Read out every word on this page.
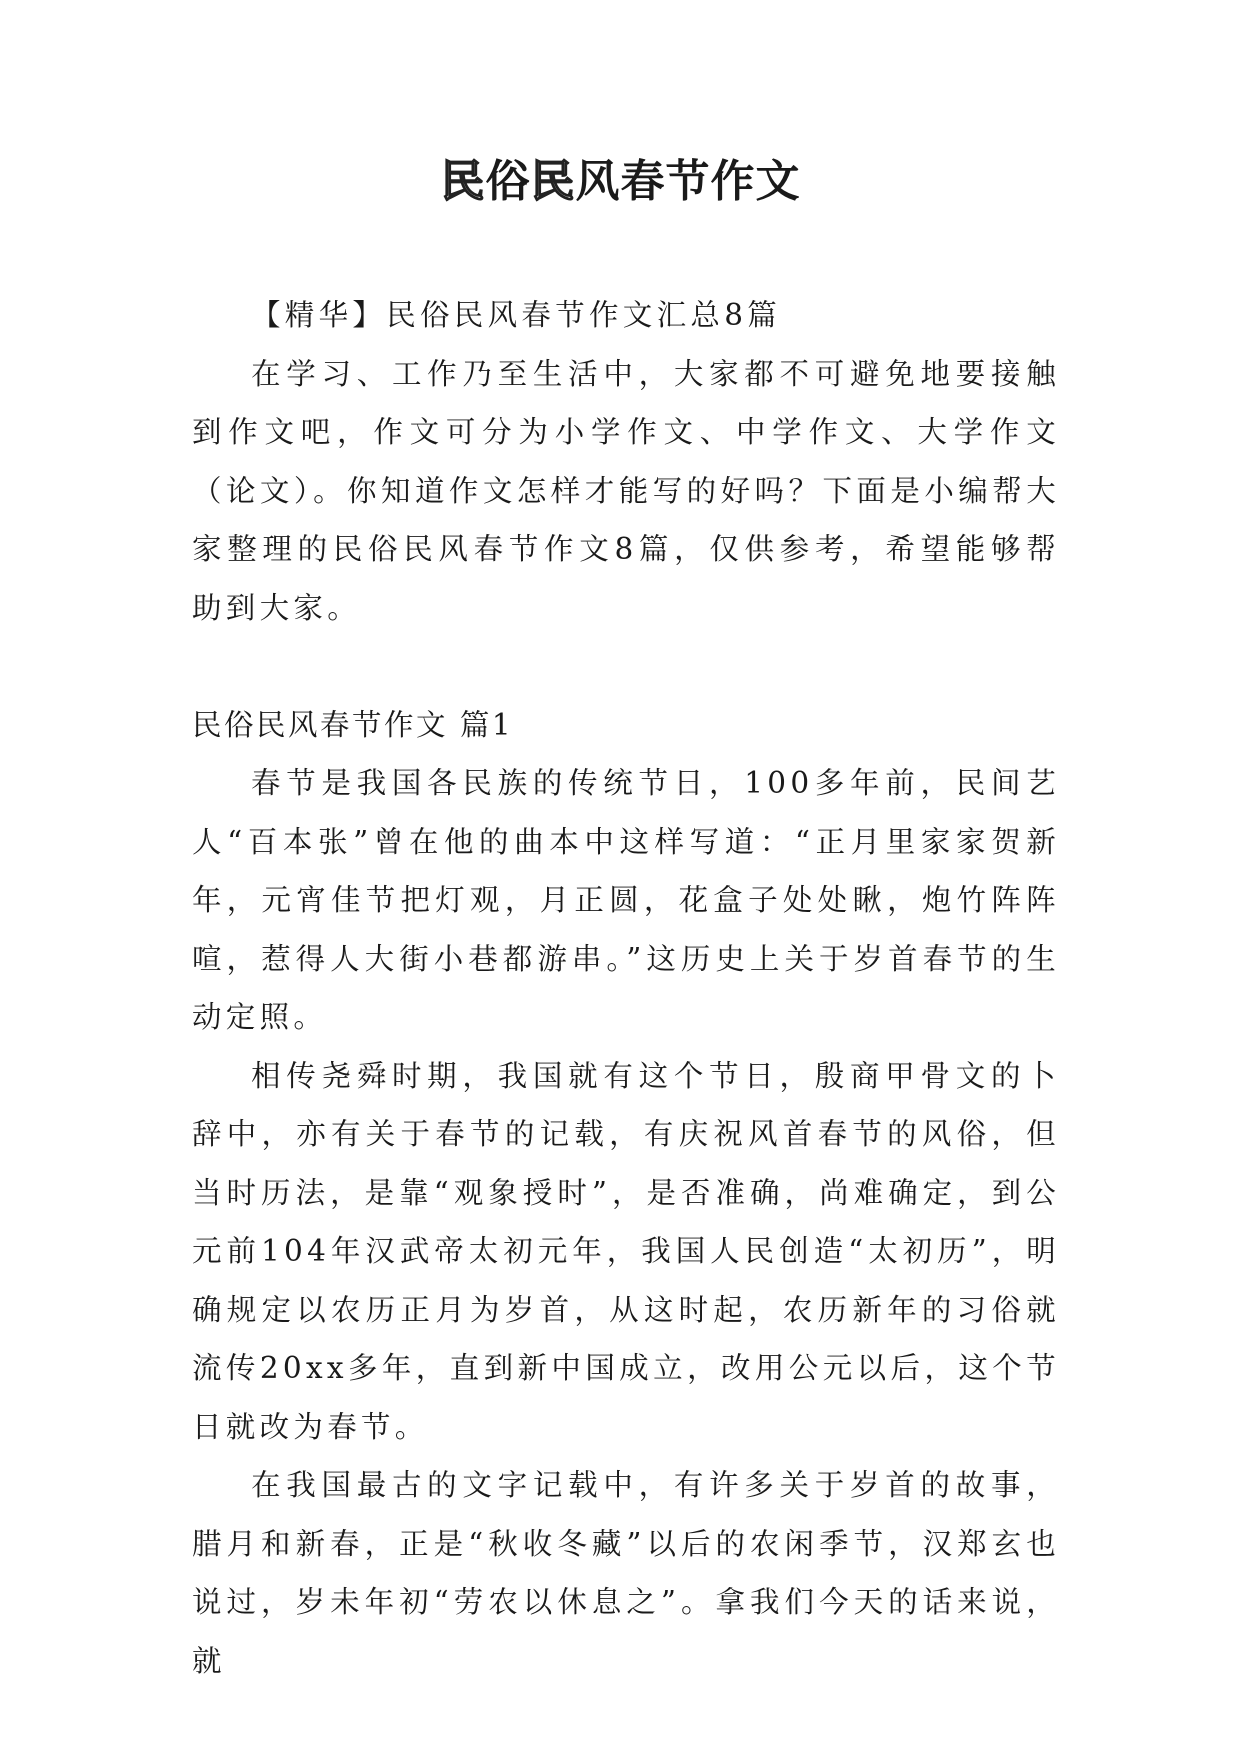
民俗民风春节作文

【精华】民俗民风春节作文汇总8篇

在学习、工作乃至生活中，大家都不可避免地要接触到作文吧，作文可分为小学作文、中学作文、大学作文（论文）。你知道作文怎样才能写的好吗？下面是小编帮大家整理的民俗民风春节作文8篇，仅供参考，希望能够帮助到大家。

民俗民风春节作文 篇1

春节是我国各民族的传统节日，100多年前，民间艺人“百本张”曾在他的曲本中这样写道：“正月里家家贺新年，元宵佳节把灯观，月正圆，花盒子处处瞅，炮竹阵阵喧，惹得人大街小巷都游串。”这历史上关于岁首春节的生动定照。

相传尧舜时期，我国就有这个节日，殷商甲骨文的卜辞中，亦有关于春节的记载，有庆祝风首春节的风俗，但当时历法，是靠“观象授时”，是否准确，尚难确定，到公元前104年汉武帝太初元年，我国人民创造“太初历”，明确规定以农历正月为岁首，从这时起，农历新年的习俗就流传20xx多年，直到新中国成立，改用公元以后，这个节日就改为春节。

在我国最古的文字记载中，有许多关于岁首的故事，腊月和新春，正是“秋收冬藏”以后的农闲季节，汉郑玄也说过，岁未年初“劳农以休息之”。拿我们今天的话来说，就
